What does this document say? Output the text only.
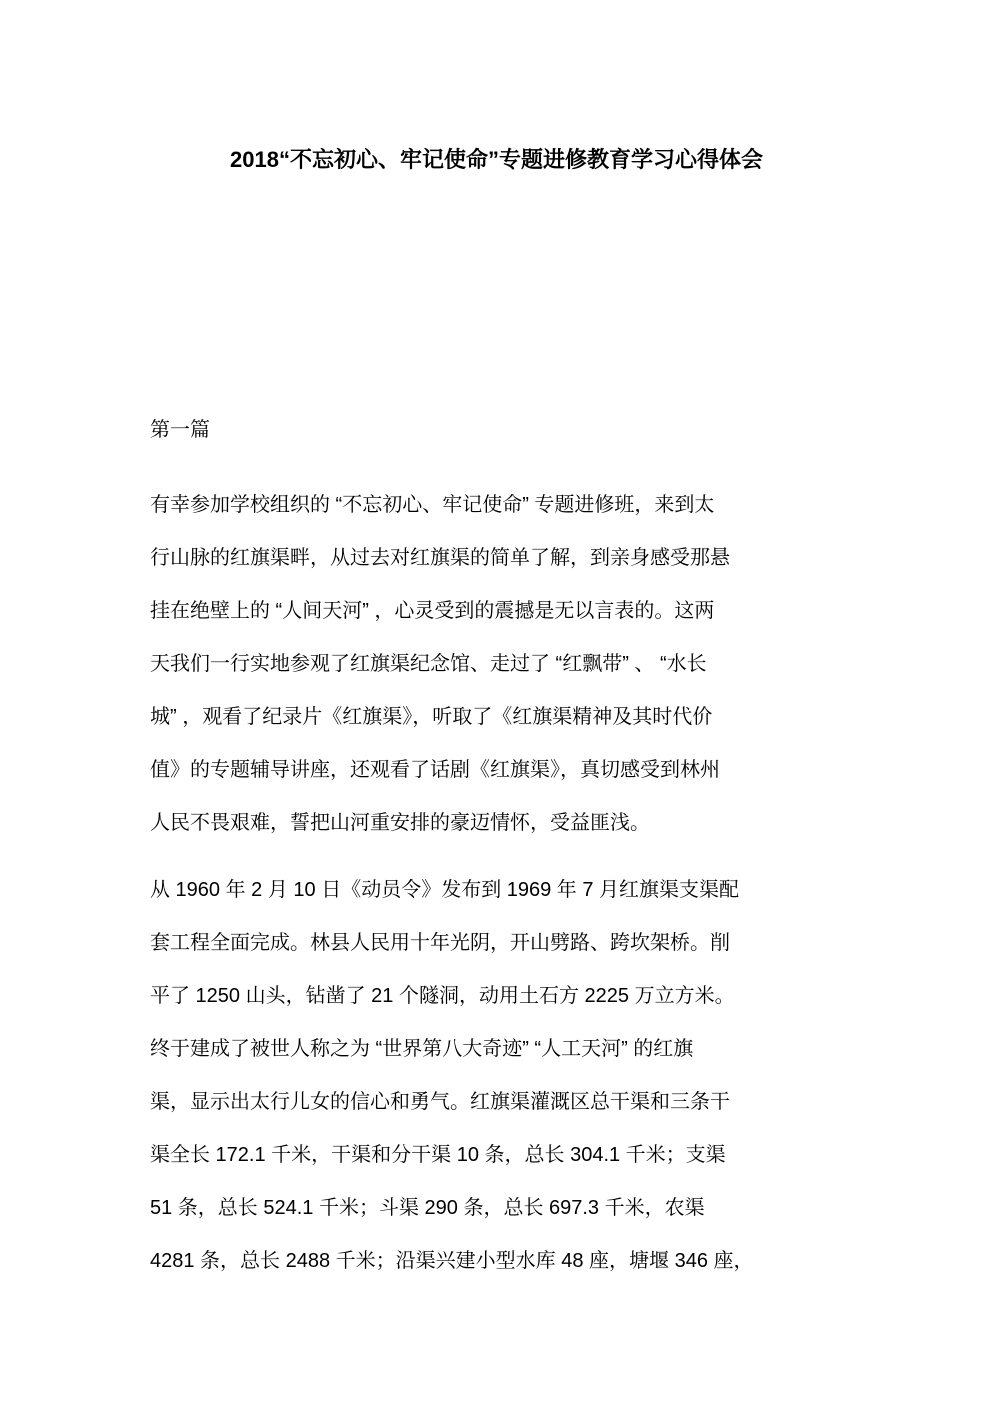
2018“不忘初心、牢记使命”专题进修教育学习心得体会
第一篇
有幸参加学校组织的 “不忘初心、牢记使命” 专题进修班，来到太
行山脉的红旗渠畔，从过去对红旗渠的简单了解，到亲身感受那悬
挂在绝壁上的 “人间天河” ，心灵受到的震撼是无以言表的。这两
天我们一行实地参观了红旗渠纪念馆、走过了 “红飘带” 、 “水长
城” ，观看了纪录片《红旗渠》，听取了《红旗渠精神及其时代价
值》的专题辅导讲座，还观看了话剧《红旗渠》，真切感受到林州
人民不畏艰难，誓把山河重安排的豪迈情怀，受益匪浅。
从 1960 年 2 月 10 日《动员令》发布到 1969 年 7 月红旗渠支渠配
套工程全面完成。林县人民用十年光阴，开山劈路、跨坎架桥。削
平了 1250 山头，钻凿了 21 个隧洞，动用土石方 2225 万立方米。
终于建成了被世人称之为 “世界第八大奇迹” “人工天河” 的红旗
渠，显示出太行儿女的信心和勇气。红旗渠灌溉区总干渠和三条干
渠全长 172.1 千米，干渠和分干渠 10 条，总长 304.1 千米；支渠
51 条，总长 524.1 千米；斗渠 290 条，总长 697.3 千米，农渠
4281 条，总长 2488 千米；沿渠兴建小型水库 48 座，塘堰 346 座，
